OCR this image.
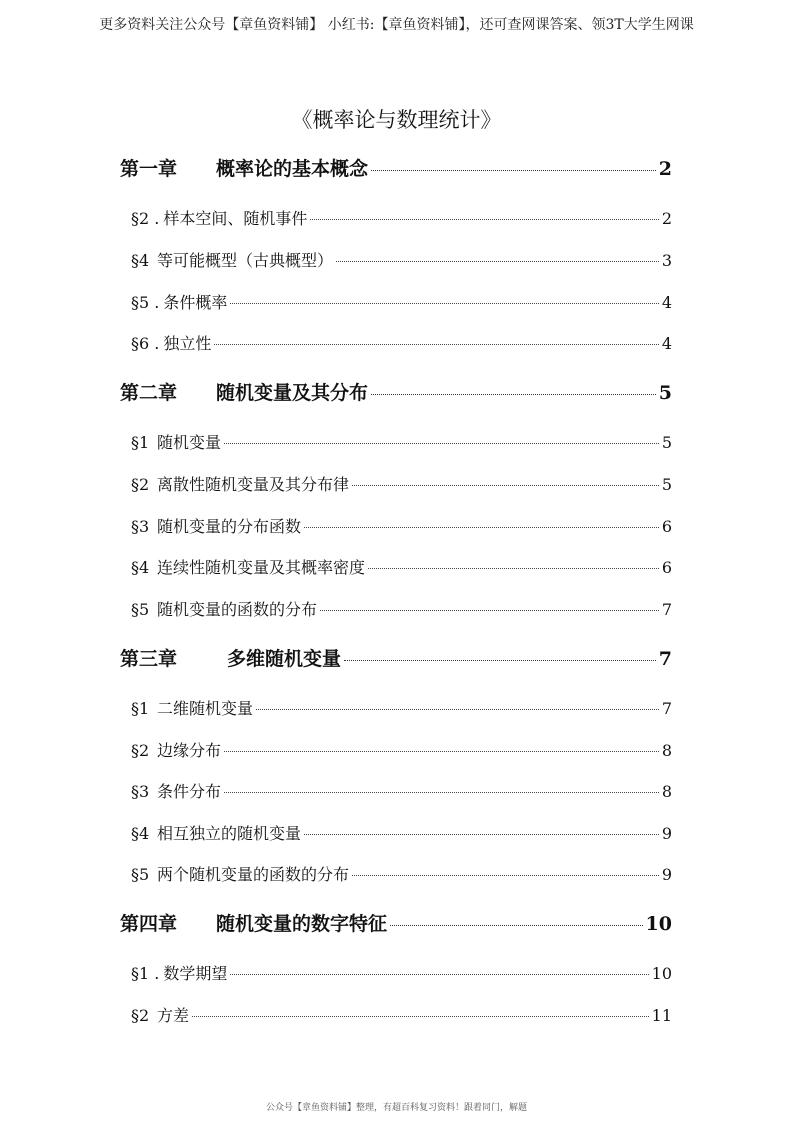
更多资料关注公众号【章鱼资料铺】 小红书:【章鱼资料铺】，还可查网课答案、领3T大学生网课
《概率论与数理统计》
第一章	概率论的基本概念	2
§2 . 样本空间、随机事件	2
§4 等可能概型（古典概型）	3
§5 . 条件概率	4
§6 . 独立性	4
第二章	随机变量及其分布	5
§1 随机变量	5
§2 离散性随机变量及其分布律	5
§3 随机变量的分布函数	6
§4 连续性随机变量及其概率密度	6
§5 随机变量的函数的分布	7
第三章	多维随机变量	7
§1 二维随机变量	7
§2 边缘分布	8
§3 条件分布	8
§4 相互独立的随机变量	9
§5 两个随机变量的函数的分布	9
第四章	随机变量的数字特征	10
§1 . 数学期望	10
§2 方差	11
公众号【章鱼资料铺】整理，有超百科复习资料！跟着同门，解题
